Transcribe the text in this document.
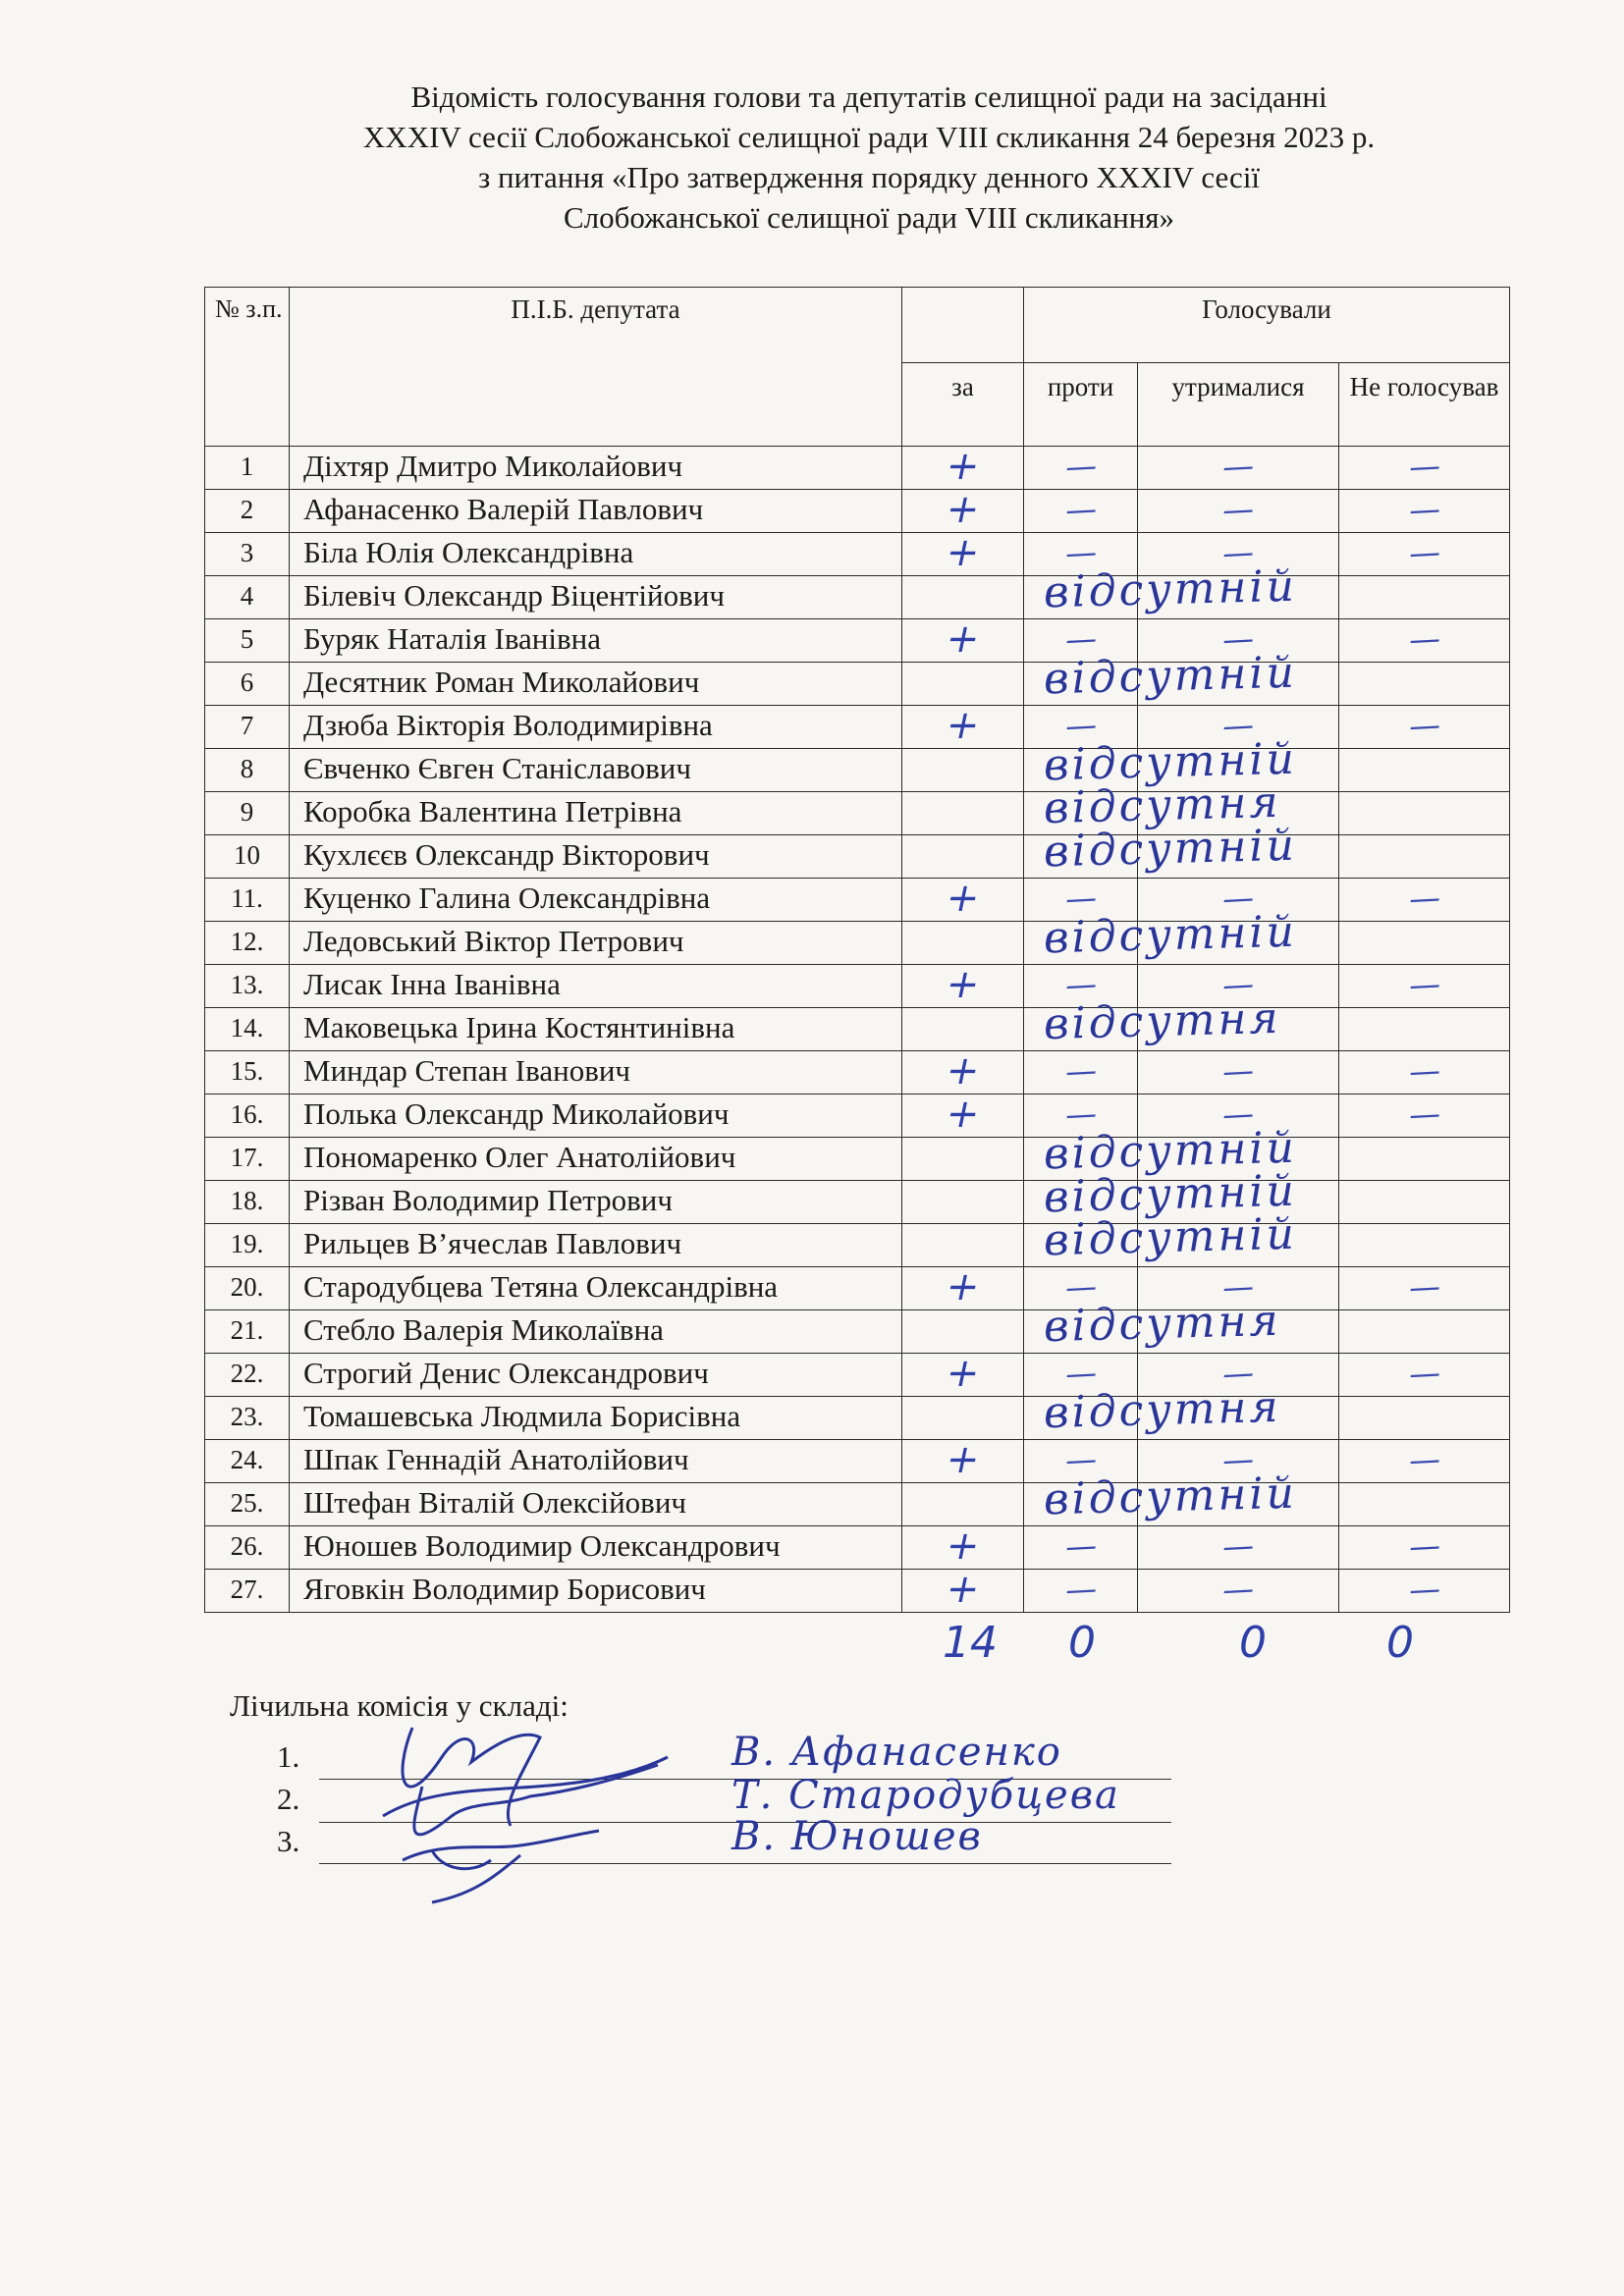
Відомість голосування голови та депутатів селищної ради на засіданні
XXXIV сесії Слобожанської селищної ради VIII скликання 24 березня 2023 р.
з питання «Про затвердження порядку денного XXXIV сесії
Слобожанської селищної ради VIII скликання»
№ з.п.	П.І.Б. депутата		Голосували		
		за	проти	утрималися	Не голосував
1	Діхтяр Дмитро Миколайович	+	—	—	—
2	Афанасенко Валерій Павлович	+	—	—	—
3	Біла Юлія Олександрівна	+	—	—	—
4	Білевіч Олександр Віцентійович		відсутній		

5	Буряк Наталія Іванівна	+	—	—	—
6	Десятник Роман Миколайович		відсутній		

7	Дзюба Вікторія Володимирівна	+	—	—	—
8	Євченко Євген Станіславович		відсутній		

9	Коробка Валентина Петрівна		відсутня		

10	Кухлєєв Олександр Вікторович		відсутній		

11.	Куценко Галина Олександрівна	+	—	—	—
12.	Ледовський Віктор Петрович		відсутній		

13.	Лисак Інна Іванівна	+	—	—	—
14.	Маковецька Ірина Костянтинівна		відсутня		

15.	Миндар Степан Іванович	+	—	—	—
16.	Полька Олександр Миколайович	+	—	—	—
17.	Пономаренко Олег Анатолійович		відсутній		

18.	Різван Володимир Петрович		відсутній		

19.	Рильцев В’ячеслав Павлович		відсутній		

20.	Стародубцева Тетяна Олександрівна	+	—	—	—
21.	Стебло Валерія Миколаївна		відсутня		

22.	Строгий Денис Олександрович	+	—	—	—
23.	Томашевська Людмила Борисівна		відсутня		

24.	Шпак Геннадій Анатолійович	+	—	—	—
25.	Штефан Віталій Олексійович		відсутній		

26.	Юношев Володимир Олександрович	+	—	—	—
27.	Яговкін Володимир Борисович	+	—	—	—
14 0	0	0
Лічильна комісія у складі:
1.	В. Афанасенко
2.	Т. Стародубцева
3.	В. Юношев
